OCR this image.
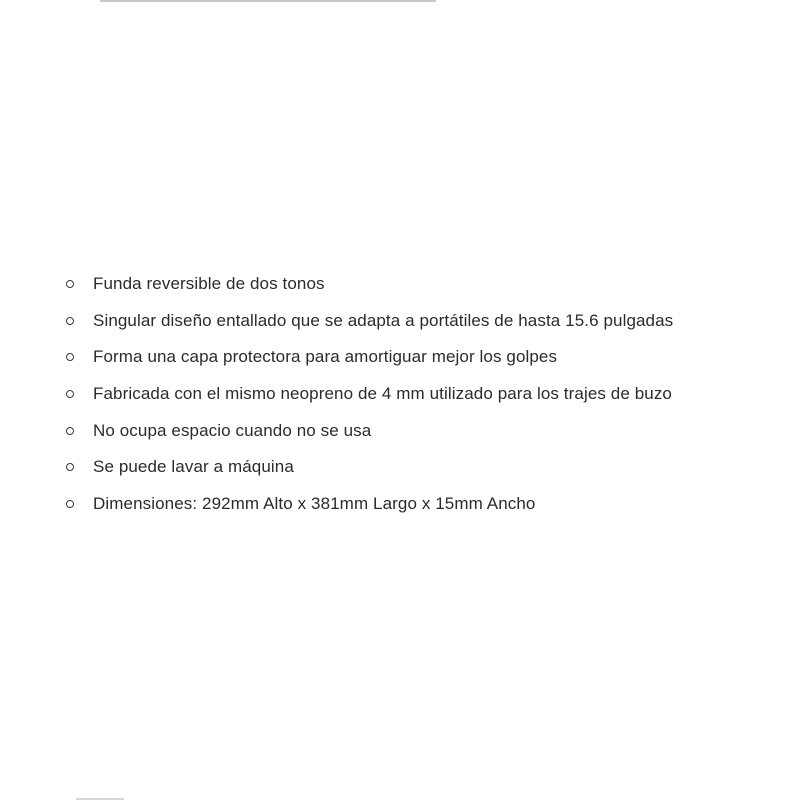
Funda reversible de dos tonos
Singular diseño entallado que se adapta a portátiles de hasta 15.6 pulgadas
Forma una capa protectora para amortiguar mejor los golpes
Fabricada con el mismo neopreno de 4 mm utilizado para los trajes de buzo
No ocupa espacio cuando no se usa
Se puede lavar a máquina
Dimensiones: 292mm Alto x 381mm Largo x 15mm Ancho
